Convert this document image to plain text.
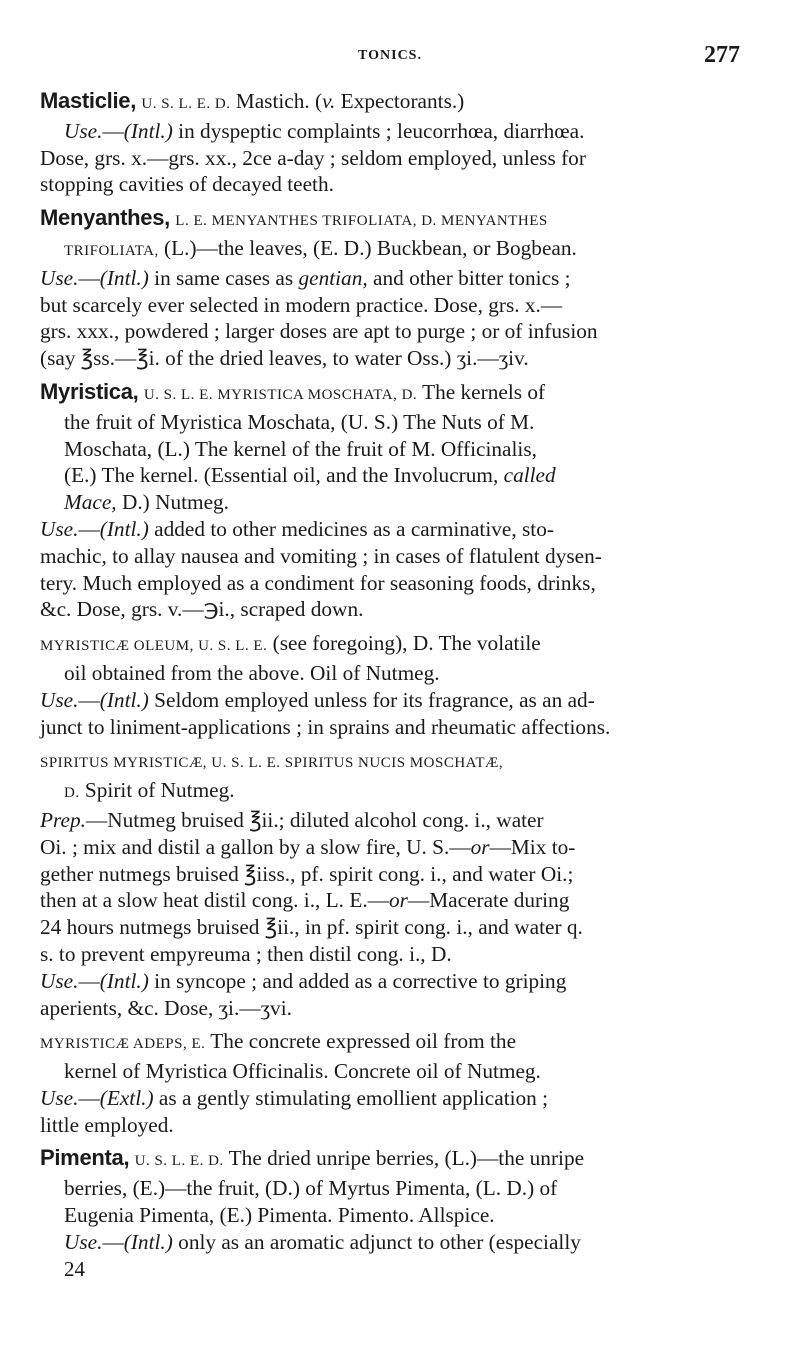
TONICS.	277

Masticlie, U. S. L. E. D. Mastich. (v. Expectorants.)

Use.—(Intl.) in dyspeptic complaints ; leucorrhœa, diarrhœa.

Dose, grs. x.—grs. xx., 2ce a-day ; seldom employed, unless for

stopping cavities of decayed teeth.

Menyanthes, L. E. MENYANTHES TRIFOLIATA, D. MENYANTHES

TRIFOLIATA, (L.)—the leaves, (E. D.) Buckbean, or Bogbean.

Use.—(Intl.) in same cases as gentian, and other bitter tonics ;

but scarcely ever selected in modern practice. Dose, grs. x.—

grs. xxx., powdered ; larger doses are apt to purge ; or of infusion

(say ℥ss.—℥i. of the dried leaves, to water Oss.) ʒi.—ʒiv.

Myristica, U. S. L. E. MYRISTICA MOSCHATA, D. The kernels of

the fruit of Myristica Moschata, (U. S.) The Nuts of M.

Moschata, (L.) The kernel of the fruit of M. Officinalis,

(E.) The kernel. (Essential oil, and the Involucrum, called

Mace, D.) Nutmeg.

Use.—(Intl.) added to other medicines as a carminative, sto-

machic, to allay nausea and vomiting ; in cases of flatulent dysen-

tery. Much employed as a condiment for seasoning foods, drinks,

&c. Dose, grs. v.—℈i., scraped down.

MYRISTICÆ OLEUM, U. S. L. E. (see foregoing), D. The volatile

oil obtained from the above. Oil of Nutmeg.

Use.—(Intl.) Seldom employed unless for its fragrance, as an ad-

junct to liniment-applications ; in sprains and rheumatic affections.

SPIRITUS MYRISTICÆ, U. S. L. E. SPIRITUS NUCIS MOSCHATÆ,

D. Spirit of Nutmeg.

Prep.—Nutmeg bruised ℥ii.; diluted alcohol cong. i., water

Oi. ; mix and distil a gallon by a slow fire, U. S.—or—Mix to-

gether nutmegs bruised ℥iiss., pf. spirit cong. i., and water Oi.;

then at a slow heat distil cong. i., L. E.—or—Macerate during

24 hours nutmegs bruised ℥ii., in pf. spirit cong. i., and water q.

s. to prevent empyreuma ; then distil cong. i., D.

Use.—(Intl.) in syncope ; and added as a corrective to griping

aperients, &c. Dose, ʒi.—ʒvi.

MYRISTICÆ ADEPS, E. The concrete expressed oil from the

kernel of Myristica Officinalis. Concrete oil of Nutmeg.

Use.—(Extl.) as a gently stimulating emollient application ;

little employed.

Pimenta, U. S. L. E. D. The dried unripe berries, (L.)—the unripe

berries, (E.)—the fruit, (D.) of Myrtus Pimenta, (L. D.) of

Eugenia Pimenta, (E.) Pimenta. Pimento. Allspice.

Use.—(Intl.) only as an aromatic adjunct to other (especially

24
